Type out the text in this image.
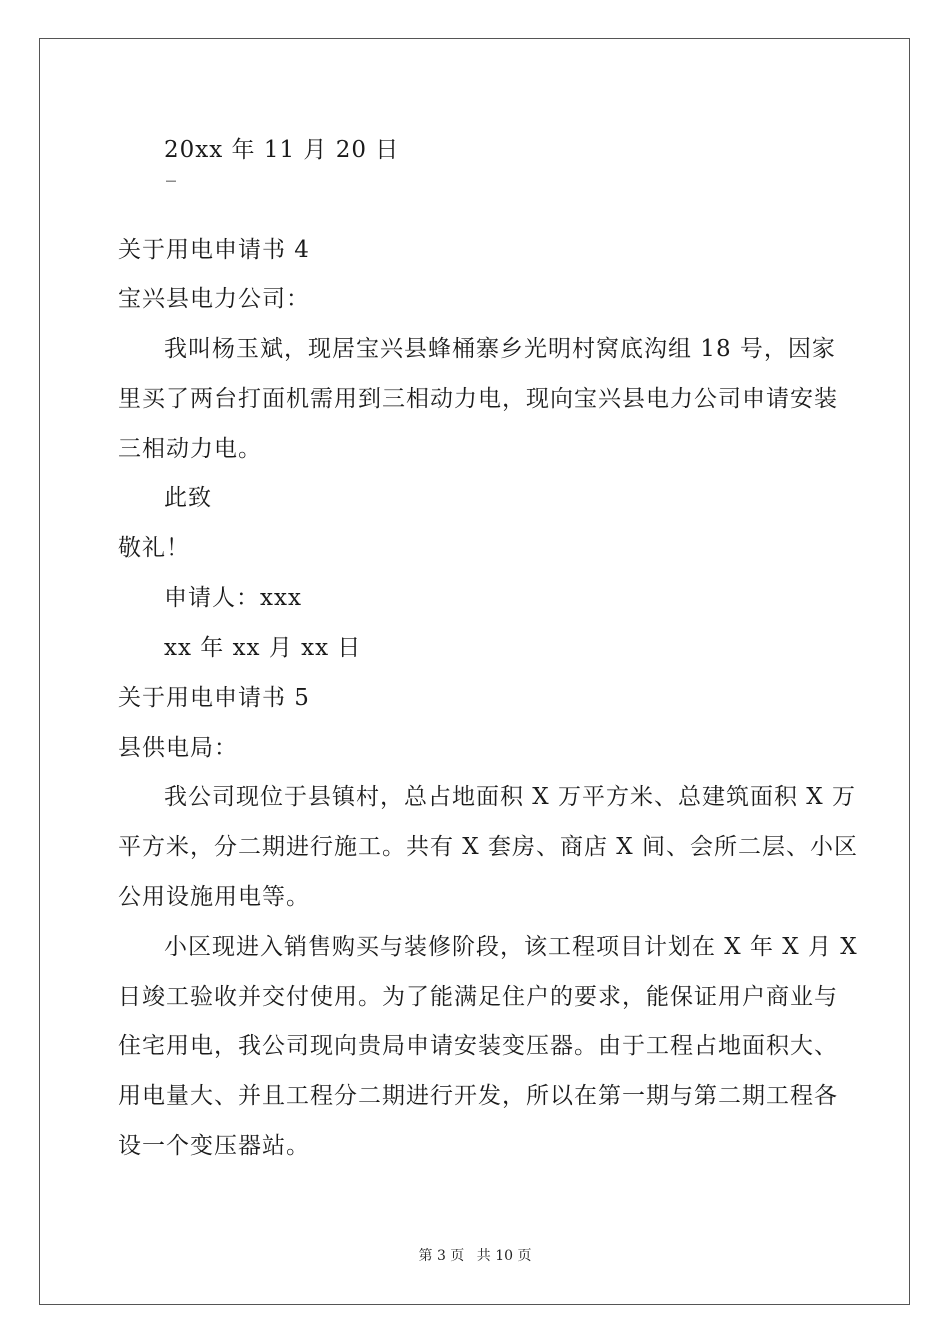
20xx 年 11 月 20 日
_
关于用电申请书 4
宝兴县电力公司：
我叫杨玉斌，现居宝兴县蜂桶寨乡光明村窝底沟组 18 号，因家
里买了两台打面机需用到三相动力电，现向宝兴县电力公司申请安装
三相动力电。
此致
敬礼！
申请人：xxx
xx 年 xx 月 xx 日
关于用电申请书 5
县供电局：
我公司现位于县镇村，总占地面积 X 万平方米、总建筑面积 X 万
平方米，分二期进行施工。共有 X 套房、商店 X 间、会所二层、小区
公用设施用电等。
小区现进入销售购买与装修阶段，该工程项目计划在 X 年 X 月 X
日竣工验收并交付使用。为了能满足住户的要求，能保证用户商业与
住宅用电，我公司现向贵局申请安装变压器。由于工程占地面积大、
用电量大、并且工程分二期进行开发，所以在第一期与第二期工程各
设一个变压器站。
第 3 页 共 10 页
